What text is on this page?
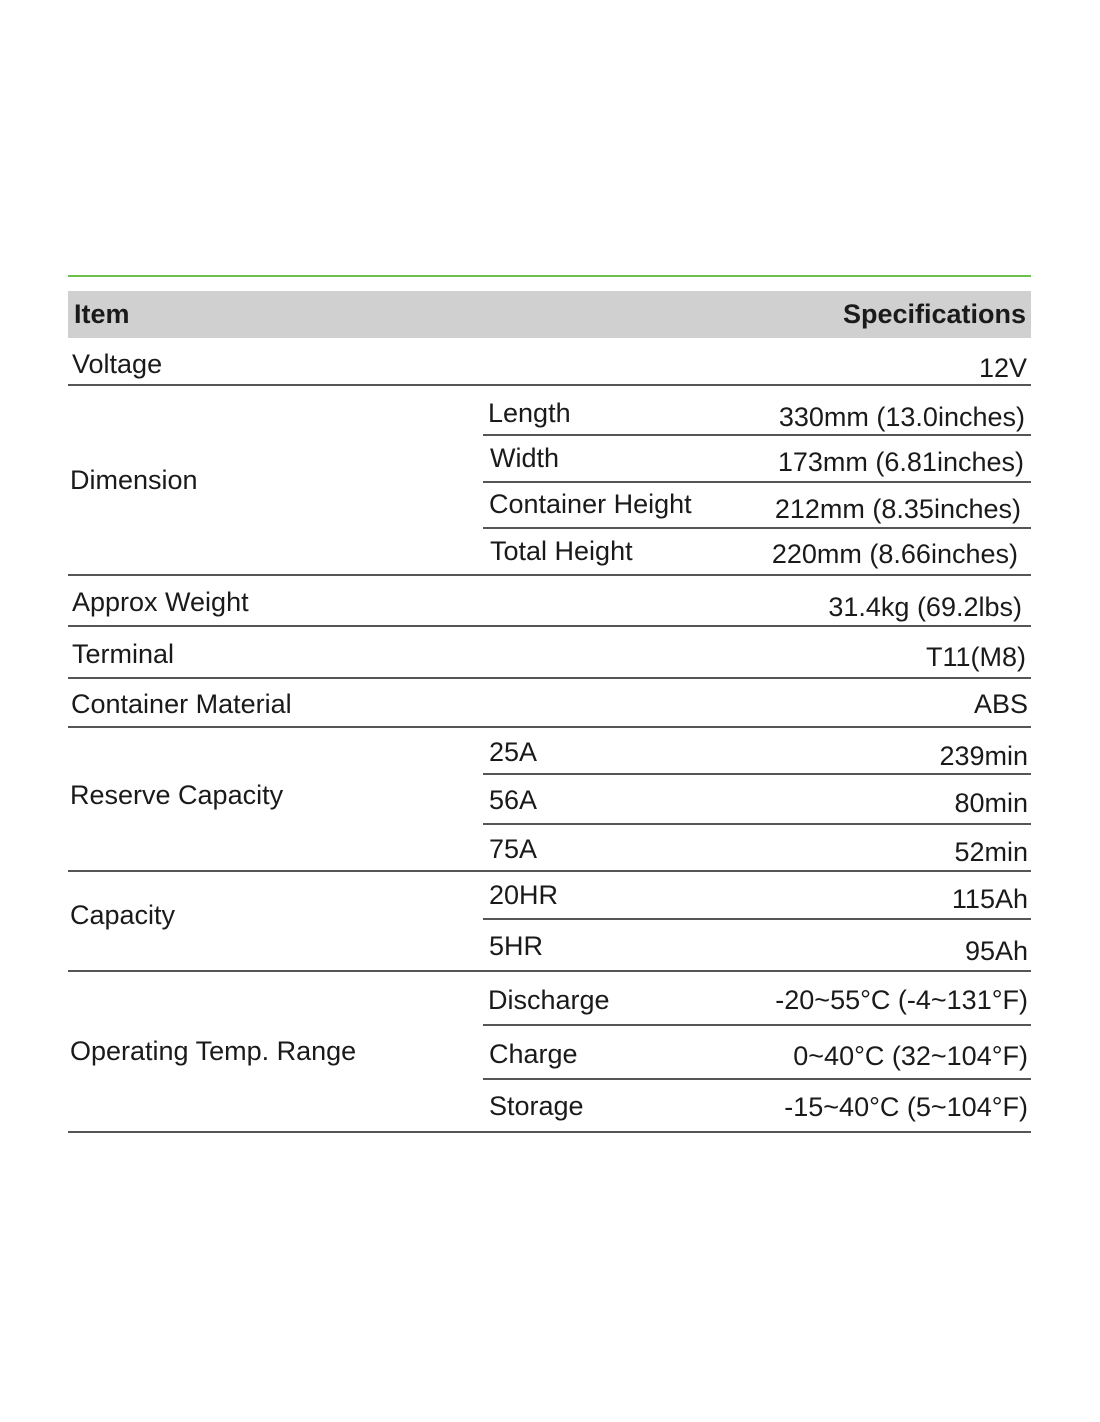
Item	Specifications
Voltage	12V
Dimension
Length	330mm (13.0inches)
Width	173mm (6.81inches)
Container Height	212mm (8.35inches)
Total Height	220mm (8.66inches)
Approx Weight	31.4kg (69.2lbs)
Terminal	T11(M8)
Container Material	ABS
Reserve Capacity
25A	239min
56A	80min
75A	52min
Capacity
20HR	115Ah
5HR	95Ah
Operating Temp. Range
Discharge	-20~55°C (-4~131°F)
Charge	0~40°C (32~104°F)
Storage	-15~40°C (5~104°F)
